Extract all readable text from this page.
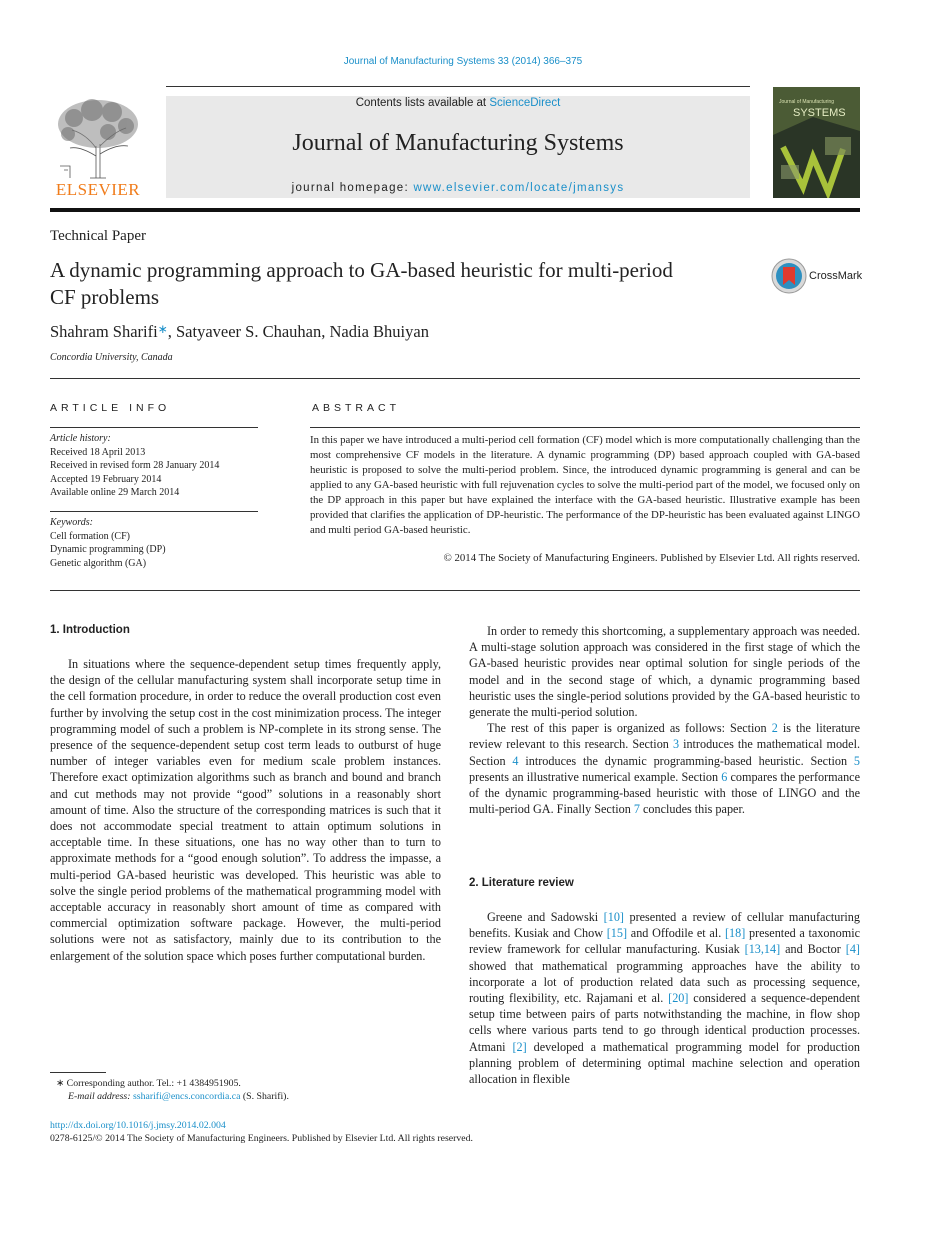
Journal of Manufacturing Systems 33 (2014) 366–375
ELSEVIER
Contents lists available at ScienceDirect
Journal of Manufacturing Systems
journal homepage: www.elsevier.com/locate/jmansys
Journal of Manufacturing
SYSTEMS
Technical Paper
A dynamic programming approach to GA-based heuristic for multi-period CF problems
CrossMark
Shahram Sharifi∗, Satyaveer S. Chauhan, Nadia Bhuiyan
Concordia University, Canada
ARTICLE INFO
Article history:
Received 18 April 2013
Received in revised form 28 January 2014
Accepted 19 February 2014
Available online 29 March 2014
Keywords:
Cell formation (CF)
Dynamic programming (DP)
Genetic algorithm (GA)
ABSTRACT
In this paper we have introduced a multi-period cell formation (CF) model which is more computationally challenging than the most comprehensive CF models in the literature. A dynamic programming (DP) based approach coupled with GA-based heuristic is proposed to solve the multi-period problem. Since, the introduced dynamic programming is general and can be applied to any GA-based heuristic with full rejuvenation cycles to solve the multi-period part of the model, we focused only on the DP approach in this paper but have explained the interface with the GA-based heuristic. Illustrative example has been provided that clarifies the application of DP-heuristic. The performance of the DP-heuristic has been evaluated against LINGO and multi period GA-based heuristic.
© 2014 The Society of Manufacturing Engineers. Published by Elsevier Ltd. All rights reserved.
1. Introduction

In situations where the sequence-dependent setup times frequently apply, the design of the cellular manufacturing system shall incorporate setup time in the cell formation procedure, in order to reduce the overall production cost even further by involving the setup cost in the cost minimization process. The integer programming model of such a problem is NP-complete in its strong sense. The presence of the sequence-dependent setup cost term leads to outburst of huge number of integer variables even for medium scale problem instances. Therefore exact optimization algorithms such as branch and bound and branch and cut methods may not provide “good” solutions in a reasonably short amount of time. Also the structure of the corresponding matrices is such that it does not accommodate special treatment to attain optimum solutions in acceptable time. In these situations, one has no way other than to turn to approximate methods for a “good enough solution”. To address the impasse, a multi-period GA-based heuristic was developed. This heuristic was able to solve the single period problems of the mathematical programming model with acceptable accuracy in reasonably short amount of time as compared with commercial optimization software package. However, the multi-period solutions were not as satisfactory, mainly due to its contribution to the enlargement of the solution space which poses further computational burden.

In order to remedy this shortcoming, a supplementary approach was needed. A multi-stage solution approach was considered in the first stage of which the GA-based heuristic provides near optimal solution for single periods of the model and in the second stage of which, a dynamic programming based heuristic uses the single-period solutions provided by the GA-based heuristic to generate the multi-period solution.

The rest of this paper is organized as follows: Section 2 is the literature review relevant to this research. Section 3 introduces the mathematical model. Section 4 introduces the dynamic programming-based heuristic. Section 5 presents an illustrative numerical example. Section 6 compares the performance of the dynamic programming-based heuristic with those of LINGO and the multi-period GA. Finally Section 7 concludes this paper.

2. Literature review

Greene and Sadowski [10] presented a review of cellular manufacturing benefits. Kusiak and Chow [15] and Offodile et al. [18] presented a taxonomic review framework for cellular manufacturing. Kusiak [13,14] and Boctor [4] showed that mathematical programming approaches have the ability to incorporate a lot of production related data such as processing sequence, routing flexibility, etc. Rajamani et al. [20] considered a sequence-dependent setup time between pairs of parts notwithstanding the machine, in flow shop cells where various parts tend to go through identical production processes. Atmani [2] developed a mathematical programming model for production planning problem of determining optimal machine selection and operation allocation in flexible

∗ Corresponding author. Tel.: +1 4384951905.
E-mail address: ssharifi@encs.concordia.ca (S. Sharifi).
http://dx.doi.org/10.1016/j.jmsy.2014.02.004
0278-6125/© 2014 The Society of Manufacturing Engineers. Published by Elsevier Ltd. All rights reserved.
